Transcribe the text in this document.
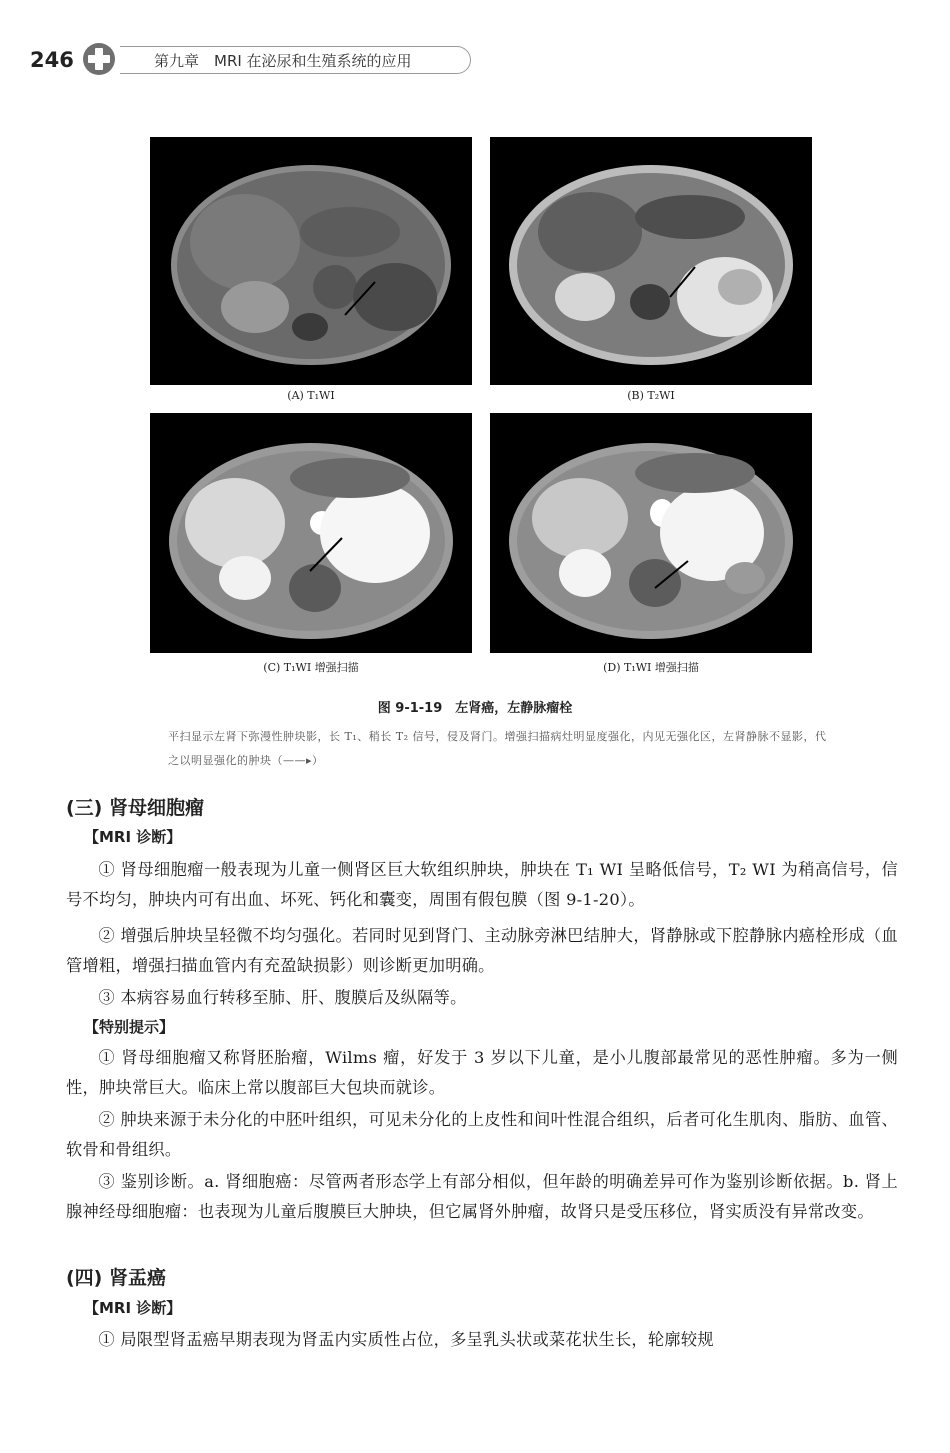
246	第九章　MRI 在泌尿和生殖系统的应用
(A) T₁WI	(B) T₂WI
(C) T₁WI 增强扫描	(D) T₁WI 增强扫描
图 9-1-19　左肾癌，左静脉瘤栓
平扫显示左肾下弥漫性肿块影，长 T₁、稍长 T₂ 信号，侵及肾门。增强扫描病灶明显度强化，内见无强化区，左肾静脉不显影，代之以明显强化的肿块（——▸）
(三) 肾母细胞瘤
【MRI 诊断】
① 肾母细胞瘤一般表现为儿童一侧肾区巨大软组织肿块，肿块在 T₁ WI 呈略低信号，T₂ WI 为稍高信号，信号不均匀，肿块内可有出血、坏死、钙化和囊变，周围有假包膜（图 9-1-20）。
② 增强后肿块呈轻微不均匀强化。若同时见到肾门、主动脉旁淋巴结肿大，肾静脉或下腔静脉内癌栓形成（血管增粗，增强扫描血管内有充盈缺损影）则诊断更加明确。
③ 本病容易血行转移至肺、肝、腹膜后及纵隔等。
【特别提示】
① 肾母细胞瘤又称肾胚胎瘤，Wilms 瘤，好发于 3 岁以下儿童，是小儿腹部最常见的恶性肿瘤。多为一侧性，肿块常巨大。临床上常以腹部巨大包块而就诊。
② 肿块来源于未分化的中胚叶组织，可见未分化的上皮性和间叶性混合组织，后者可化生肌肉、脂肪、血管、软骨和骨组织。
③ 鉴别诊断。a. 肾细胞癌：尽管两者形态学上有部分相似，但年龄的明确差异可作为鉴别诊断依据。b. 肾上腺神经母细胞瘤：也表现为儿童后腹膜巨大肿块，但它属肾外肿瘤，故肾只是受压移位，肾实质没有异常改变。
(四) 肾盂癌
【MRI 诊断】
① 局限型肾盂癌早期表现为肾盂内实质性占位，多呈乳头状或菜花状生长，轮廓较规
